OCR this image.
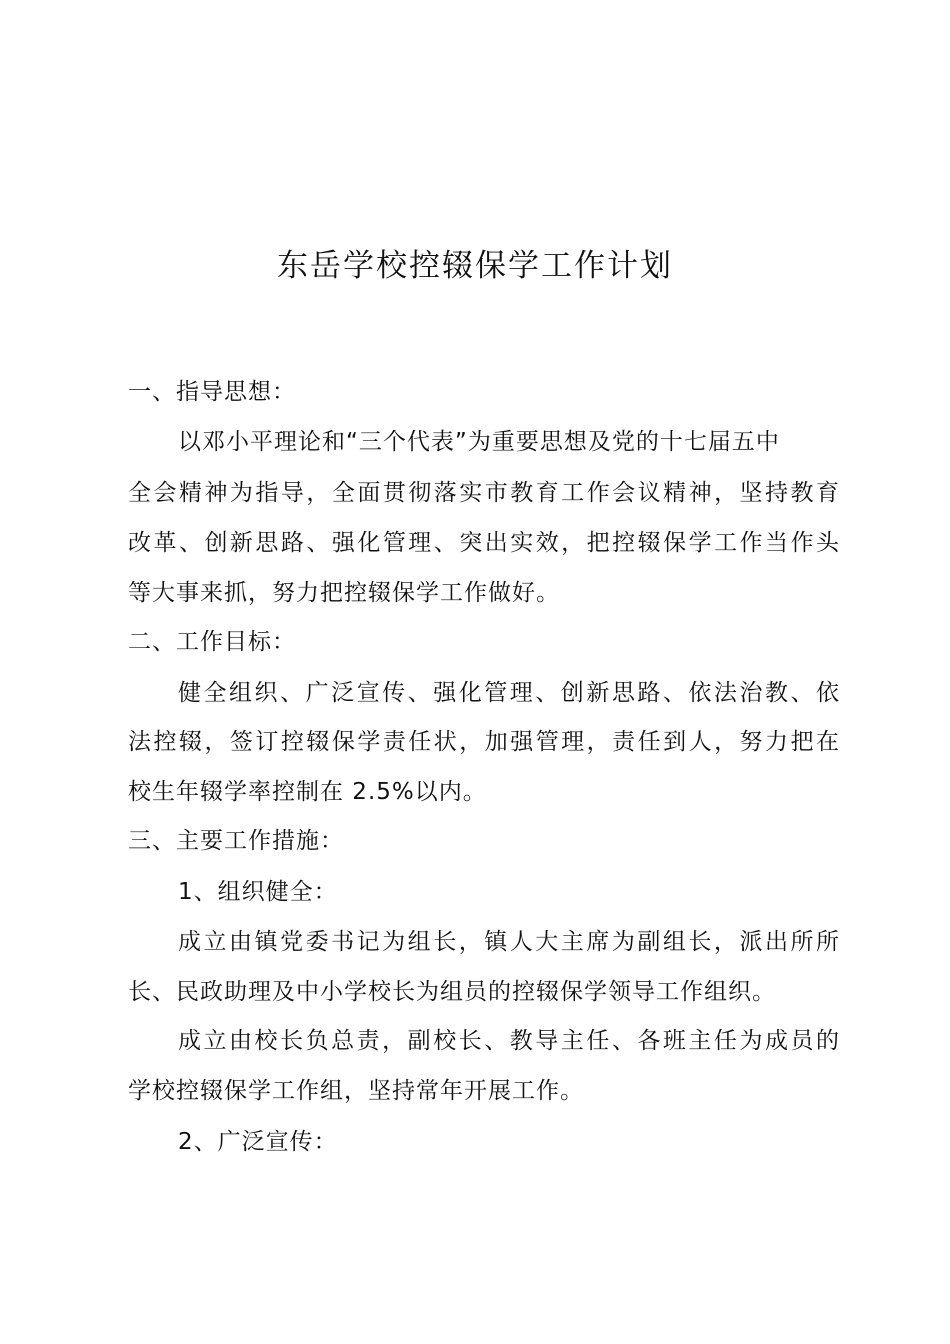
东岳学校控辍保学工作计划
一、指导思想：
以邓小平理论和“三个代表”为重要思想及党的十七届五中
全会精神为指导，全面贯彻落实市教育工作会议精神，坚持教育
改革、创新思路、强化管理、突出实效，把控辍保学工作当作头
等大事来抓，努力把控辍保学工作做好。
二、工作目标：
健全组织、广泛宣传、强化管理、创新思路、依法治教、依
法控辍，签订控辍保学责任状，加强管理，责任到人，努力把在
校生年辍学率控制在 2.5%以内。
三、主要工作措施：
1、组织健全：
成立由镇党委书记为组长，镇人大主席为副组长，派出所所
长、民政助理及中小学校长为组员的控辍保学领导工作组织。
成立由校长负总责，副校长、教导主任、各班主任为成员的
学校控辍保学工作组，坚持常年开展工作。
2、广泛宣传：
